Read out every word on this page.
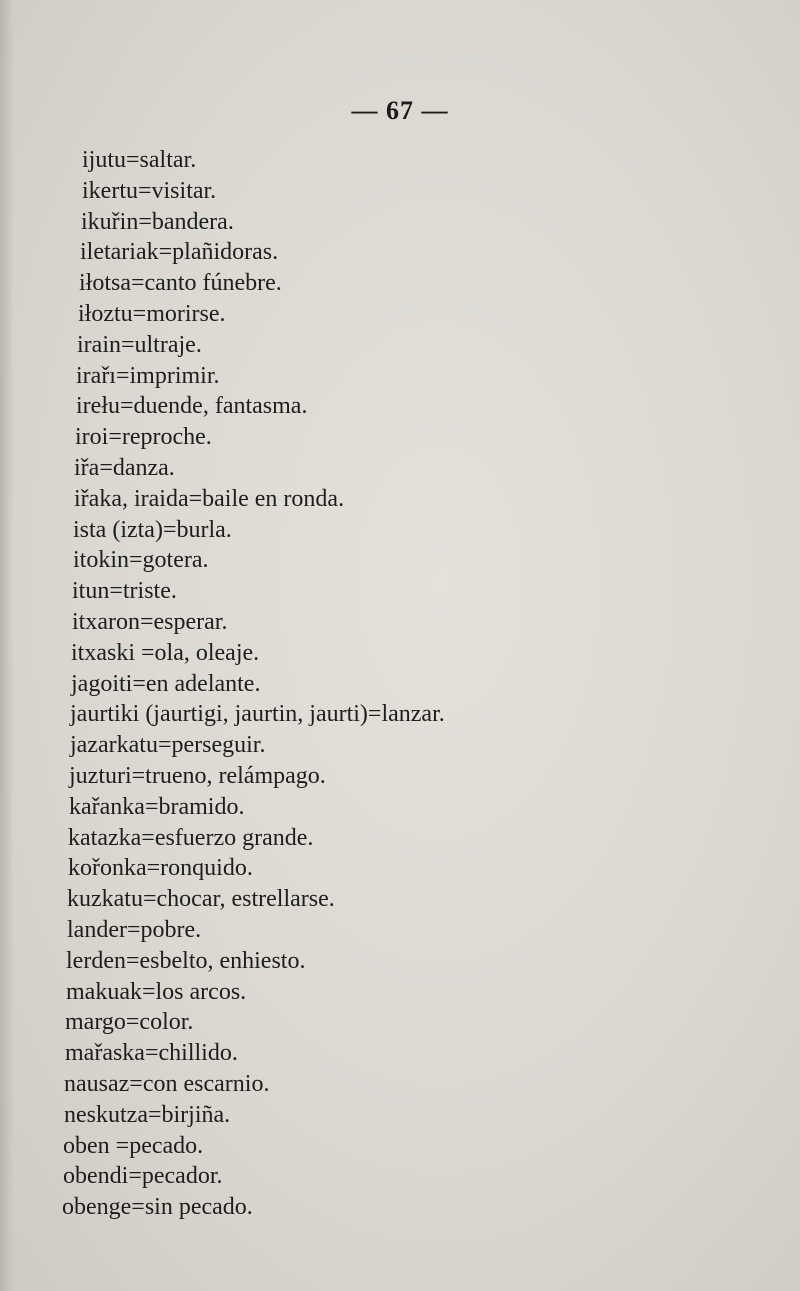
— 67 —
ijutu=saltar.
ikertu=visitar.
ikuřin=bandera.
iletariak=plañidoras.
iłotsa=canto fúnebre.
iłoztu=morirse.
irain=ultraje.
irařı=imprimir.
irełu=duende, fantasma.
iroi=reproche.
iřa=danza.
iřaka, iraida=baile en ronda.
ista (izta)=burla.
itokin=gotera.
itun=triste.
itxaron=esperar.
itxaski =ola, oleaje.
jagoiti=en adelante.
jaurtiki (jaurtigi, jaurtin, jaurti)=lanzar.
jazarkatu=perseguir.
juzturi=trueno, relámpago.
kařanka=bramido.
katazka=esfuerzo grande.
kořonka=ronquido.
kuzkatu=chocar, estrellarse.
lander=pobre.
lerden=esbelto, enhiesto.
makuak=los arcos.
margo=color.
mařaska=chillido.
nausaz=con escarnio.
neskutza=birjiña.
oben =pecado.
obendi=pecador.
obenge=sin pecado.
